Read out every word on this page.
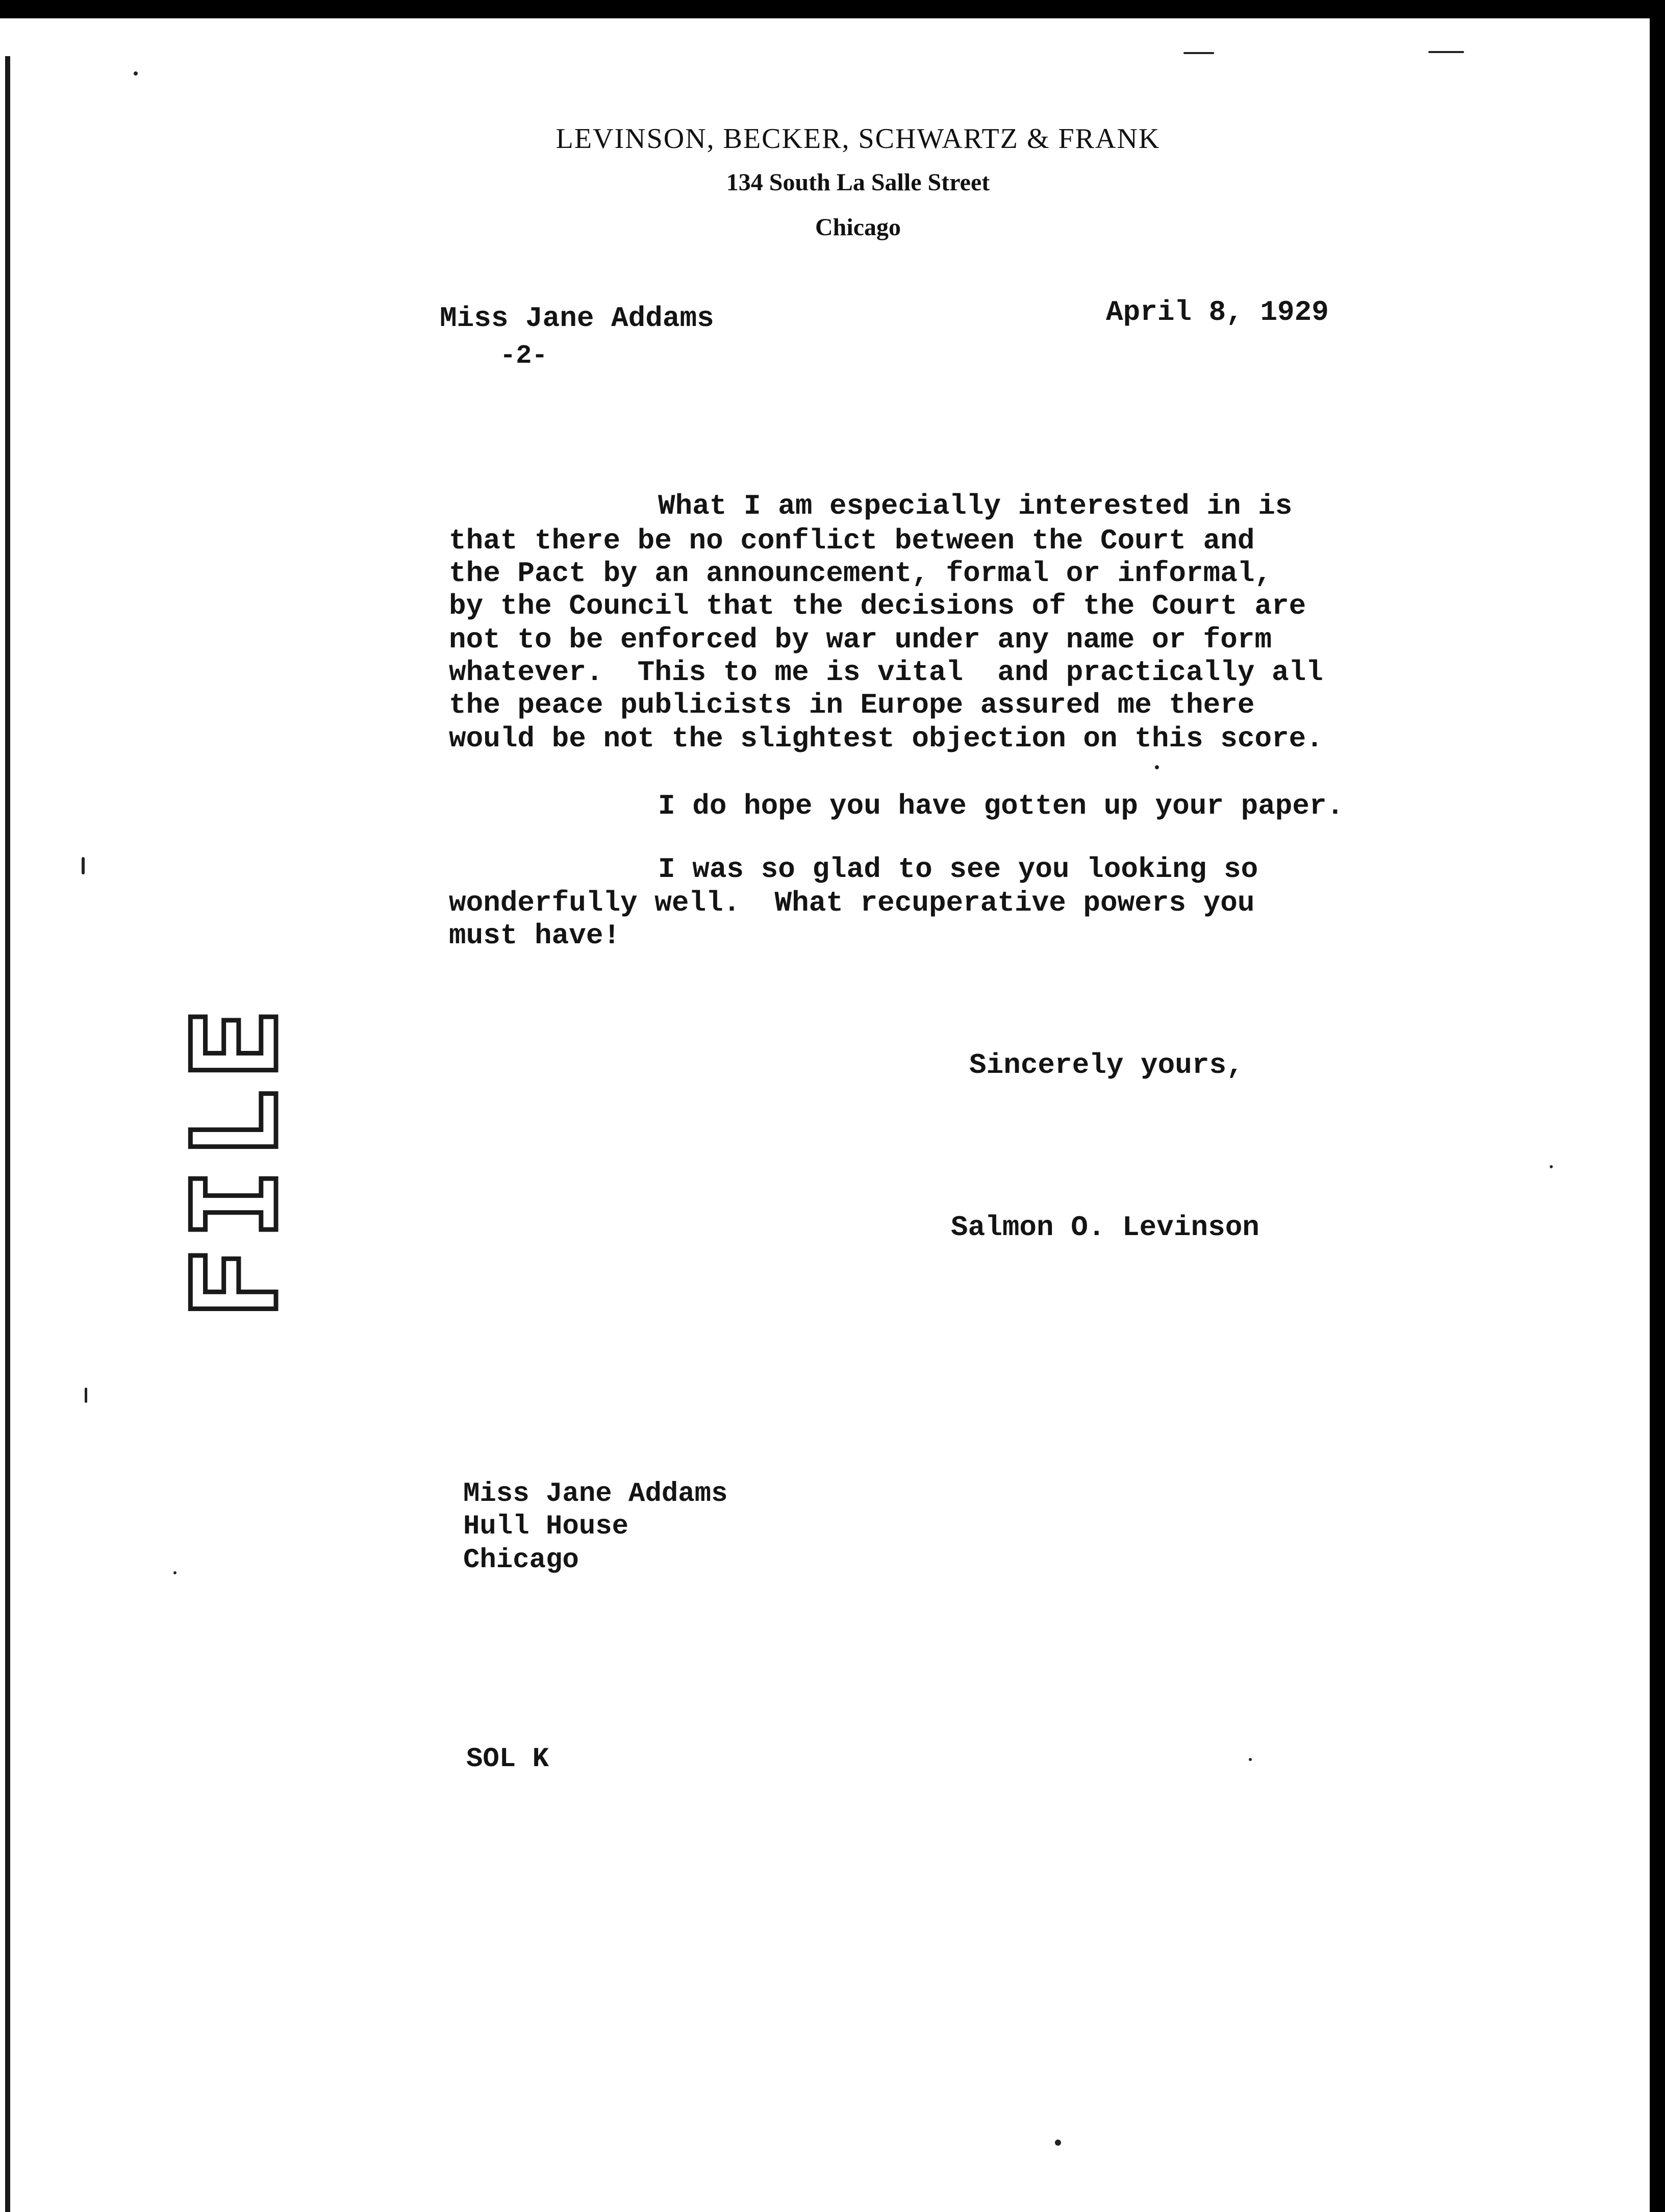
LEVINSON, BECKER, SCHWARTZ & FRANK
134 South La Salle Street
Chicago
Miss Jane Addams	April 8, 1929
-2-
What I am especially interested in is
that there be no conflict between the Court and
the Pact by an announcement, formal or informal,
by the Council that the decisions of the Court are
not to be enforced by war under any name or form
whatever.  This to me is vital  and practically all
the peace publicists in Europe assured me there
would be not the slightest objection on this score.
I do hope you have gotten up your paper.
I was so glad to see you looking so
wonderfully well.  What recuperative powers you
must have!
Sincerely yours,
Salmon O. Levinson
Miss Jane Addams
Hull House
Chicago
SOL K
FILE
